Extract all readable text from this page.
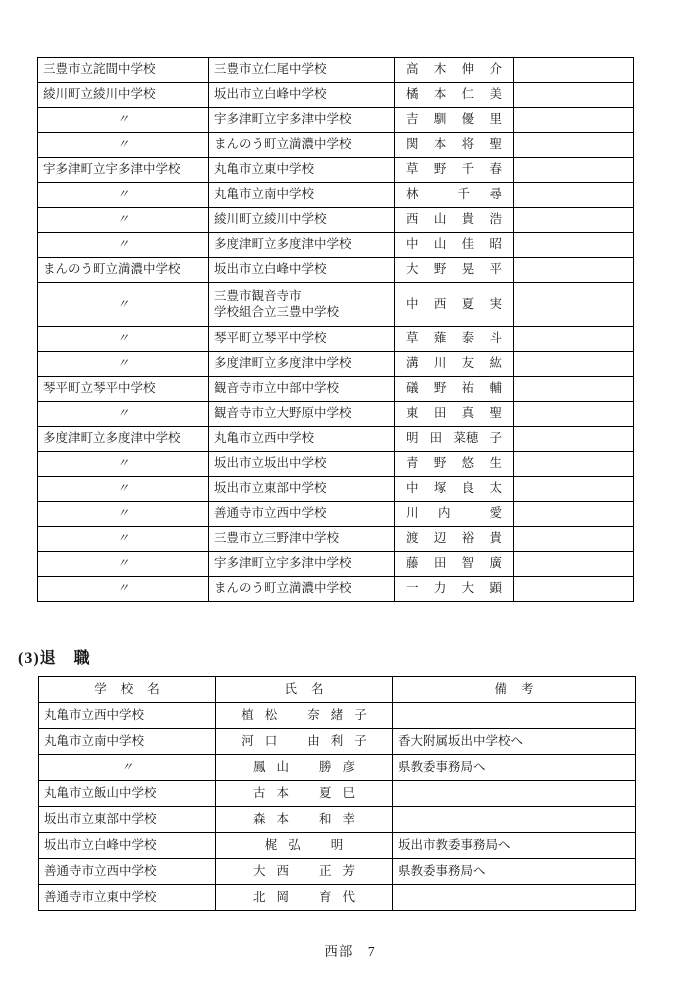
三豊市立詫間中学校	三豊市立仁尾中学校	高 木 伸 介	

綾川町立綾川中学校	坂出市立白峰中学校	橘 本 仁 美	

〃	宇多津町立宇多津中学校	吉 馴 優 里	

〃	まんのう町立満濃中学校	関 本 将 聖	

宇多津町立宇多津中学校	丸亀市立東中学校	草 野 千 春	

〃	丸亀市立南中学校	林 千 尋	

〃	綾川町立綾川中学校	西 山 貴 浩	

〃	多度津町立多度津中学校	中 山 佳 昭	

まんのう町立満濃中学校	坂出市立白峰中学校	大 野 晃 平	

〃	三豊市観音寺市
学校組合立三豊中学校	中 西 夏 実	

〃	琴平町立琴平中学校	草 薙 泰 斗	

〃	多度津町立多度津中学校	溝 川 友 紘	

琴平町立琴平中学校	観音寺市立中部中学校	礒 野 祐 輔	

〃	観音寺市立大野原中学校	東 田 真 聖	

多度津町立多度津中学校	丸亀市立西中学校	明 田 菜穂 子	

〃	坂出市立坂出中学校	青 野 悠 生	

〃	坂出市立東部中学校	中 塚 良 太	

〃	善通寺市立西中学校	川 内 愛	

〃	三豊市立三野津中学校	渡 辺 裕 貴	

〃	宇多津町立宇多津中学校	藤 田 智 廣	

〃	まんのう町立満濃中学校	一 力 大 顕	

(3)退　職
学 校 名	氏 名	備 考

丸亀市立西中学校	植 松 奈 緒 子	

丸亀市立南中学校	河 口 由 利 子	香大附属坂出中学校へ
〃	鳳 山 勝 彦	県教委事務局へ
丸亀市立飯山中学校	古 本 夏 巳	

坂出市立東部中学校	森 本 和 幸	

坂出市立白峰中学校	梶 弘 明	坂出市教委事務局へ
善通寺市立西中学校	大 西 正 芳	県教委事務局へ
善通寺市立東中学校	北 岡 育 代	

西部　7
